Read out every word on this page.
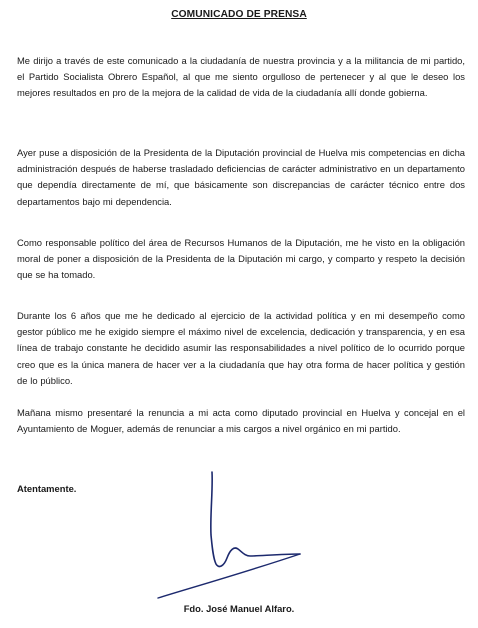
COMUNICADO DE PRENSA

Me dirijo a través de este comunicado a la ciudadanía de nuestra provincia y a la militancia de mi partido, el Partido Socialista Obrero Español, al que me siento orgulloso de pertenecer y al que le deseo los mejores resultados en pro de la mejora de la calidad de vida de la ciudadanía allí donde gobierna.

Ayer puse a disposición de la Presidenta de la Diputación provincial de Huelva mis competencias en dicha administración después de haberse trasladado deficiencias de carácter administrativo en un departamento que dependía directamente de mí, que básicamente son discrepancias de carácter técnico entre dos departamentos bajo mi dependencia.

Como responsable político del área de Recursos Humanos de la Diputación, me he visto en la obligación moral de poner a disposición de la Presidenta de la Diputación mi cargo, y comparto y respeto la decisión que se ha tomado.

Durante los 6 años que me he dedicado al ejercicio de la actividad política y en mi desempeño como gestor público me he exigido siempre el máximo nivel de excelencia, dedicación y transparencia, y en esa línea de trabajo constante he decidido asumir las responsabilidades a nivel político de lo ocurrido porque creo que es la única manera de hacer ver a la ciudadanía que hay otra forma de hacer política y gestión de lo público.

Mañana mismo presentaré la renuncia a mi acta como diputado provincial en Huelva y concejal en el Ayuntamiento de Moguer, además de renunciar a mis cargos a nivel orgánico en mi partido.

Atentamente.
Fdo. José Manuel Alfaro.
